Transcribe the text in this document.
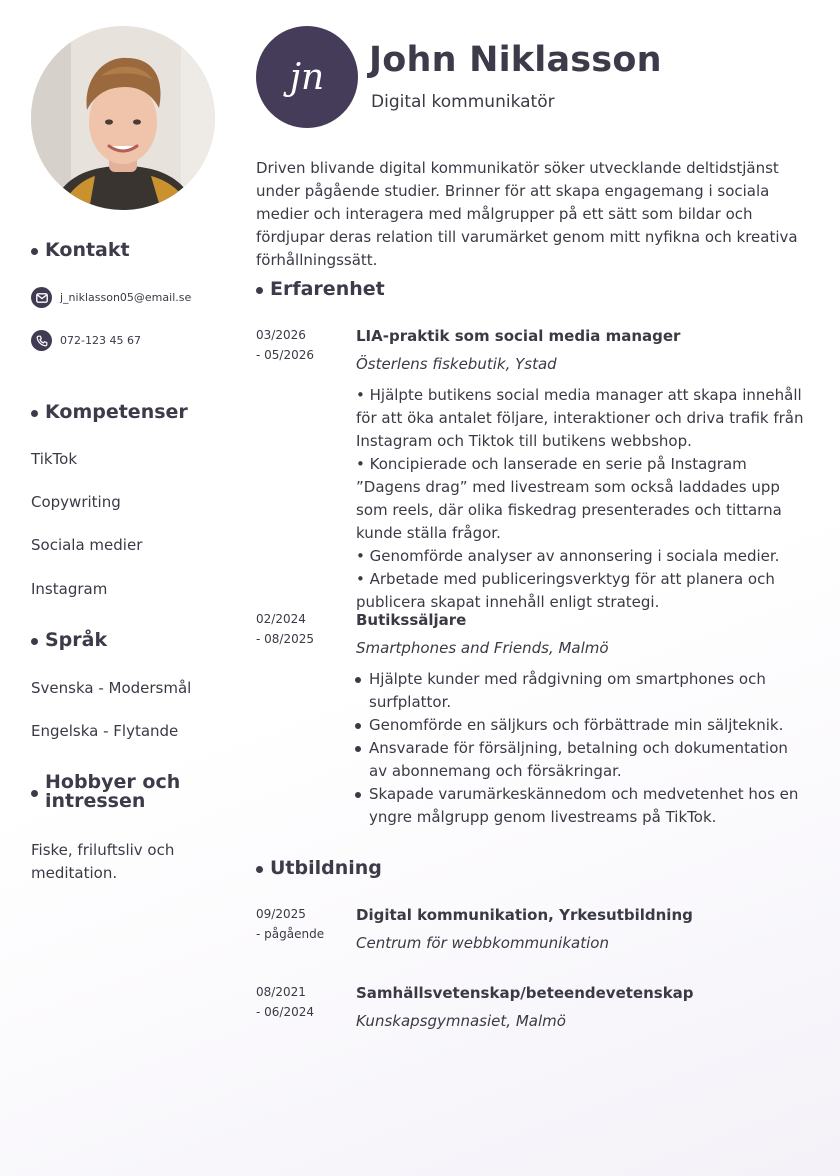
Kontakt
j_niklasson05@email.se
072-123 45 67
Kompetenser
TikTok
Copywriting
Sociala medier
Instagram
Språk
Svenska - Modersmål
Engelska - Flytande
Hobbyer och intressen
Fiske, friluftsliv och meditation.
jn John Niklasson
Digital kommunikatör
Driven blivande digital kommunikatör söker utvecklande deltidstjänst under pågående studier. Brinner för att skapa engagemang i sociala medier och interagera med målgrupper på ett sätt som bildar och fördjupar deras relation till varumärket genom mitt nyfikna och kreativa förhållningssätt.
Erfarenhet
03/2026
- 05/2026
LIA-praktik som social media manager
Österlens fiskebutik, Ystad

• Hjälpte butikens social media manager att skapa innehåll för att öka antalet följare, interaktioner och driva trafik från Instagram och Tiktok till butikens webbshop.

• Koncipierade och lanserade en serie på Instagram ”Dagens drag” med livestream som också laddades upp som reels, där olika fiskedrag presenterades och tittarna kunde ställa frågor.

• Genomförde analyser av annonsering i sociala medier.

• Arbetade med publiceringsverktyg för att planera och publicera skapat innehåll enligt strategi.

02/2024
- 08/2025
Butikssäljare
Smartphones and Friends, Malmö
Hjälpte kunder med rådgivning om smartphones och surfplattor.
Genomförde en säljkurs och förbättrade min säljteknik.
Ansvarade för försäljning, betalning och dokumentation av abonnemang och försäkringar.
Skapade varumärkeskännedom och medvetenhet hos en yngre målgrupp genom livestreams på TikTok.
Utbildning
09/2025
- pågående
Digital kommunikation, Yrkesutbildning
Centrum för webbkommunikation
08/2021
- 06/2024
Samhällsvetenskap/beteendevetenskap
Kunskapsgymnasiet, Malmö
